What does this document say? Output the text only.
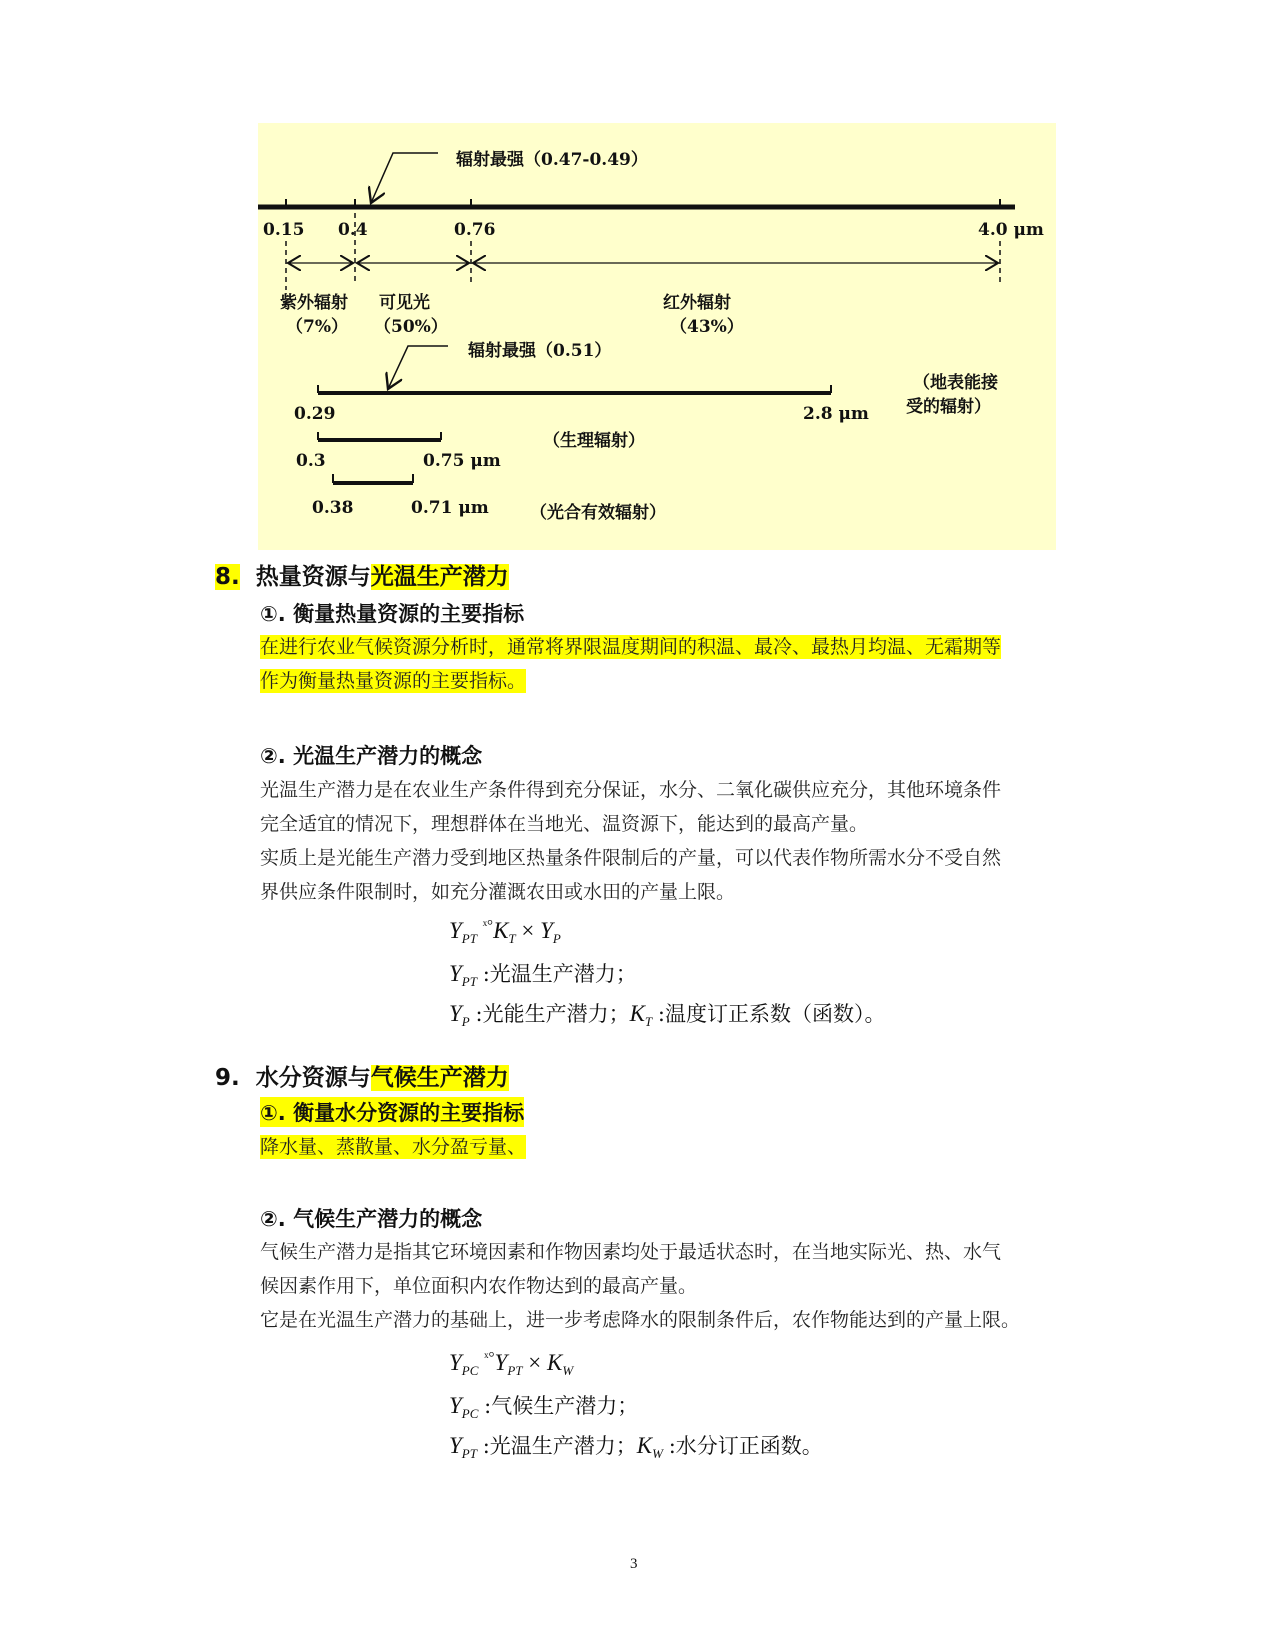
辐射最强（0.47-0.49）
0.15 0.4	0.76	4.0 μm
紫外辐射
（7%）
可见光
（50%）
红外辐射
（43%）
辐射最强（0.51）
（地表能接
受的辐射）
0.29	2.8 μm
（生理辐射）
0.3	0.75 μm
0.38	0.71 μm （光合有效辐射）
8. 热量资源与光温生产潜力
①. 衡量热量资源的主要指标
在进行农业气候资源分析时，通常将界限温度期间的积温、最冷、最热月均温、无霜期等
作为衡量热量资源的主要指标。
②. 光温生产潜力的概念
光温生产潜力是在农业生产条件得到充分保证，水分、二氧化碳供应充分，其他环境条件
完全适宜的情况下，理想群体在当地光、温资源下，能达到的最高产量。
实质上是光能生产潜力受到地区热量条件限制后的产量，可以代表作物所需水分不受自然
界供应条件限制时，如充分灌溉农田或水田的产量上限。
$Y_{PT}$ $^{ˣ^\circ}K_T \times Y_P$
$Y_{PT}$ :光温生产潜力；
$Y_P$ :光能生产潜力；$K_T$ :温度订正系数（函数）。
9. 水分资源与气候生产潜力
①. 衡量水分资源的主要指标
降水量、蒸散量、水分盈亏量、
②. 气候生产潜力的概念
气候生产潜力是指其它环境因素和作物因素均处于最适状态时，在当地实际光、热、水气
候因素作用下，单位面积内农作物达到的最高产量。
它是在光温生产潜力的基础上，进一步考虑降水的限制条件后，农作物能达到的产量上限。
$Y_{PC}$ $^{ˣ^\circ}Y_{PT} \times K_W$
$Y_{PC}$ :气候生产潜力；
$Y_{PT}$ :光温生产潜力；$K_W$ :水分订正函数。
3
